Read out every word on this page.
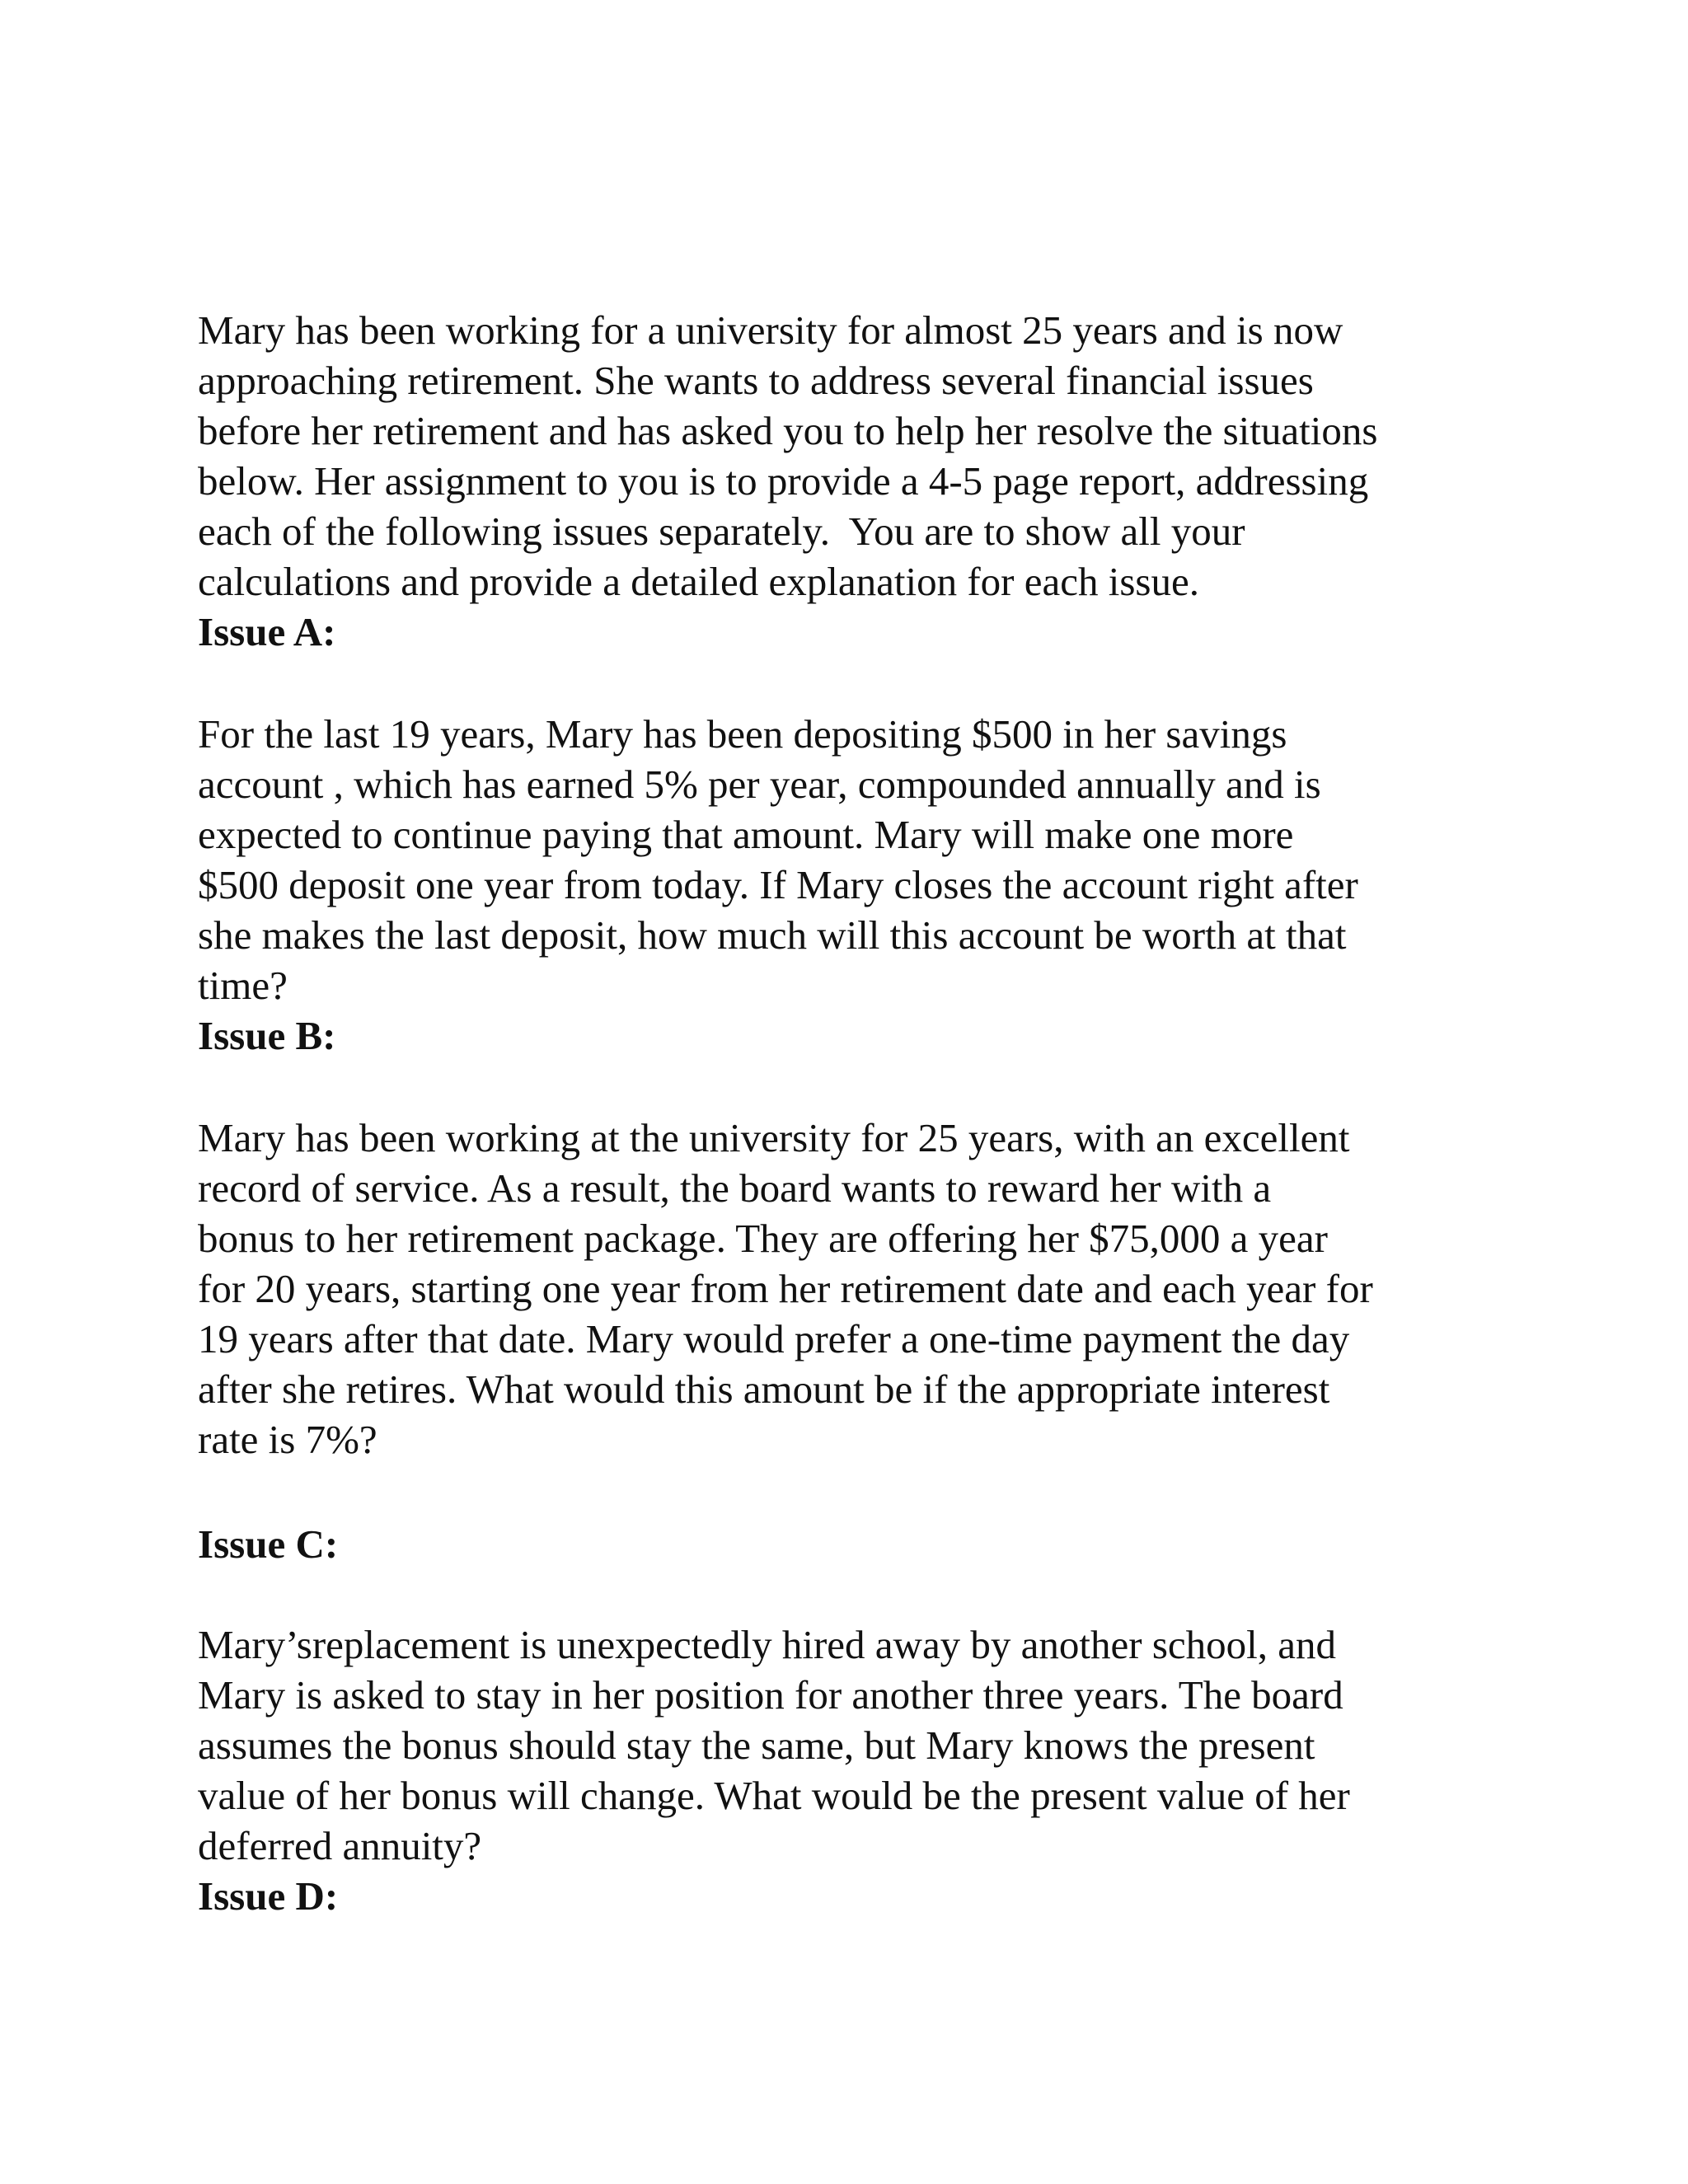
Mary has been working for a university for almost 25 years and is now
approaching retirement. She wants to address several financial issues
before her retirement and has asked you to help her resolve the situations
below. Her assignment to you is to provide a 4-5 page report, addressing
each of the following issues separately.  You are to show all your
calculations and provide a detailed explanation for each issue.
Issue A:
For the last 19 years, Mary has been depositing $500 in her savings
account , which has earned 5% per year, compounded annually and is
expected to continue paying that amount. Mary will make one more
$500 deposit one year from today. If Mary closes the account right after
she makes the last deposit, how much will this account be worth at that
time?
Issue B:
Mary has been working at the university for 25 years, with an excellent
record of service. As a result, the board wants to reward her with a
bonus to her retirement package. They are offering her $75,000 a year
for 20 years, starting one year from her retirement date and each year for
19 years after that date. Mary would prefer a one-time payment the day
after she retires. What would this amount be if the appropriate interest
rate is 7%?
Issue C:
Mary’sreplacement is unexpectedly hired away by another school, and
Mary is asked to stay in her position for another three years. The board
assumes the bonus should stay the same, but Mary knows the present
value of her bonus will change. What would be the present value of her
deferred annuity?
Issue D:
